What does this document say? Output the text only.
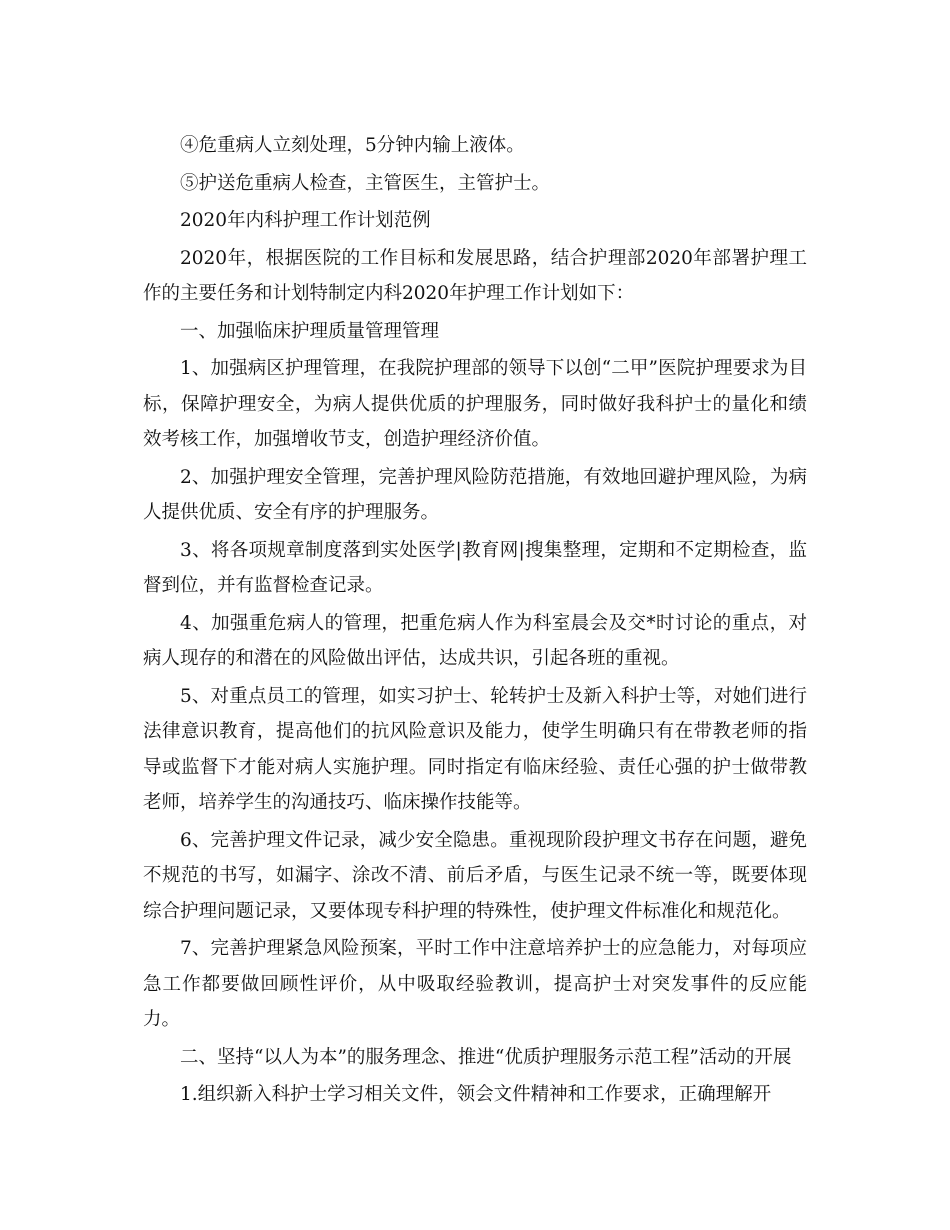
④危重病人立刻处理，5分钟内输上液体。

⑤护送危重病人检查，主管医生，主管护士。

2020年内科护理工作计划范例

2020年，根据医院的工作目标和发展思路，结合护理部2020年部署护理工作的主要任务和计划特制定内科2020年护理工作计划如下：

一、加强临床护理质量管理管理

1、加强病区护理管理，在我院护理部的领导下以创“二甲”医院护理要求为目标，保障护理安全，为病人提供优质的护理服务，同时做好我科护士的量化和绩效考核工作，加强增收节支，创造护理经济价值。

2、加强护理安全管理，完善护理风险防范措施，有效地回避护理风险，为病人提供优质、安全有序的护理服务。

3、将各项规章制度落到实处医学|教育网|搜集整理，定期和不定期检查，监督到位，并有监督检查记录。

4、加强重危病人的管理，把重危病人作为科室晨会及交*时讨论的重点，对病人现存的和潜在的风险做出评估，达成共识，引起各班的重视。

5、对重点员工的管理，如实习护士、轮转护士及新入科护士等，对她们进行法律意识教育，提高他们的抗风险意识及能力，使学生明确只有在带教老师的指导或监督下才能对病人实施护理。同时指定有临床经验、责任心强的护士做带教老师，培养学生的沟通技巧、临床操作技能等。

6、完善护理文件记录，减少安全隐患。重视现阶段护理文书存在问题，避免不规范的书写，如漏字、涂改不清、前后矛盾，与医生记录不统一等，既要体现综合护理问题记录，又要体现专科护理的特殊性，使护理文件标准化和规范化。

7、完善护理紧急风险预案，平时工作中注意培养护士的应急能力，对每项应急工作都要做回顾性评价，从中吸取经验教训，提高护士对突发事件的反应能力。

二、坚持“以人为本”的服务理念、推进“优质护理服务示范工程”活动的开展

1.组织新入科护士学习相关文件，领会文件精神和工作要求，正确理解开
